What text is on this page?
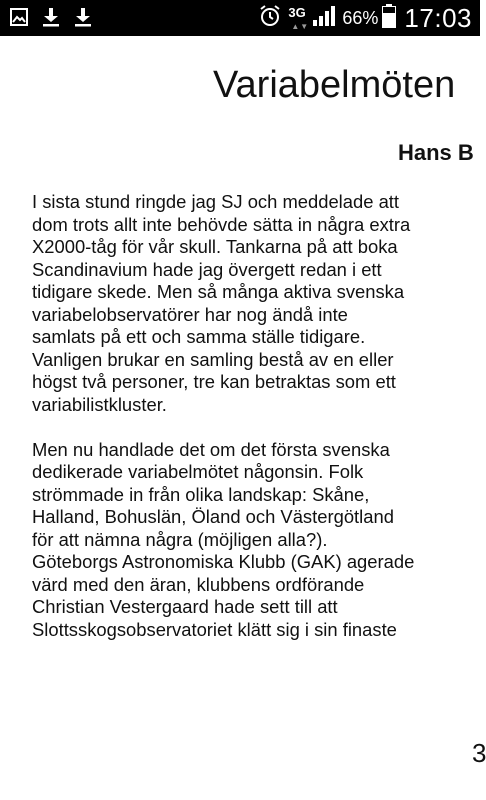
3G
▲▼ 66% 17:03
Variabelmöten
Hans B

I sista stund ringde jag SJ och meddelade att
dom trots allt inte behövde sätta in några extra
X2000-tåg för vår skull. Tankarna på att boka
Scandinavium hade jag övergett redan i ett
tidigare skede. Men så många aktiva svenska
variabelobservatörer har nog ändå inte
samlats på ett och samma ställe tidigare.
Vanligen brukar en samling bestå av en eller
högst två personer, tre kan betraktas som ett
variabilistkluster.

Men nu handlade det om det första svenska
dedikerade variabelmötet någonsin. Folk
strömmade in från olika landskap: Skåne,
Halland, Bohuslän, Öland och Västergötland
för att nämna några (möjligen alla?).
Göteborgs Astronomiska Klubb (GAK) agerade
värd med den äran, klubbens ordförande
Christian Vestergaard hade sett till att
Slottsskogsobservatoriet klätt sig i sin finaste

3
